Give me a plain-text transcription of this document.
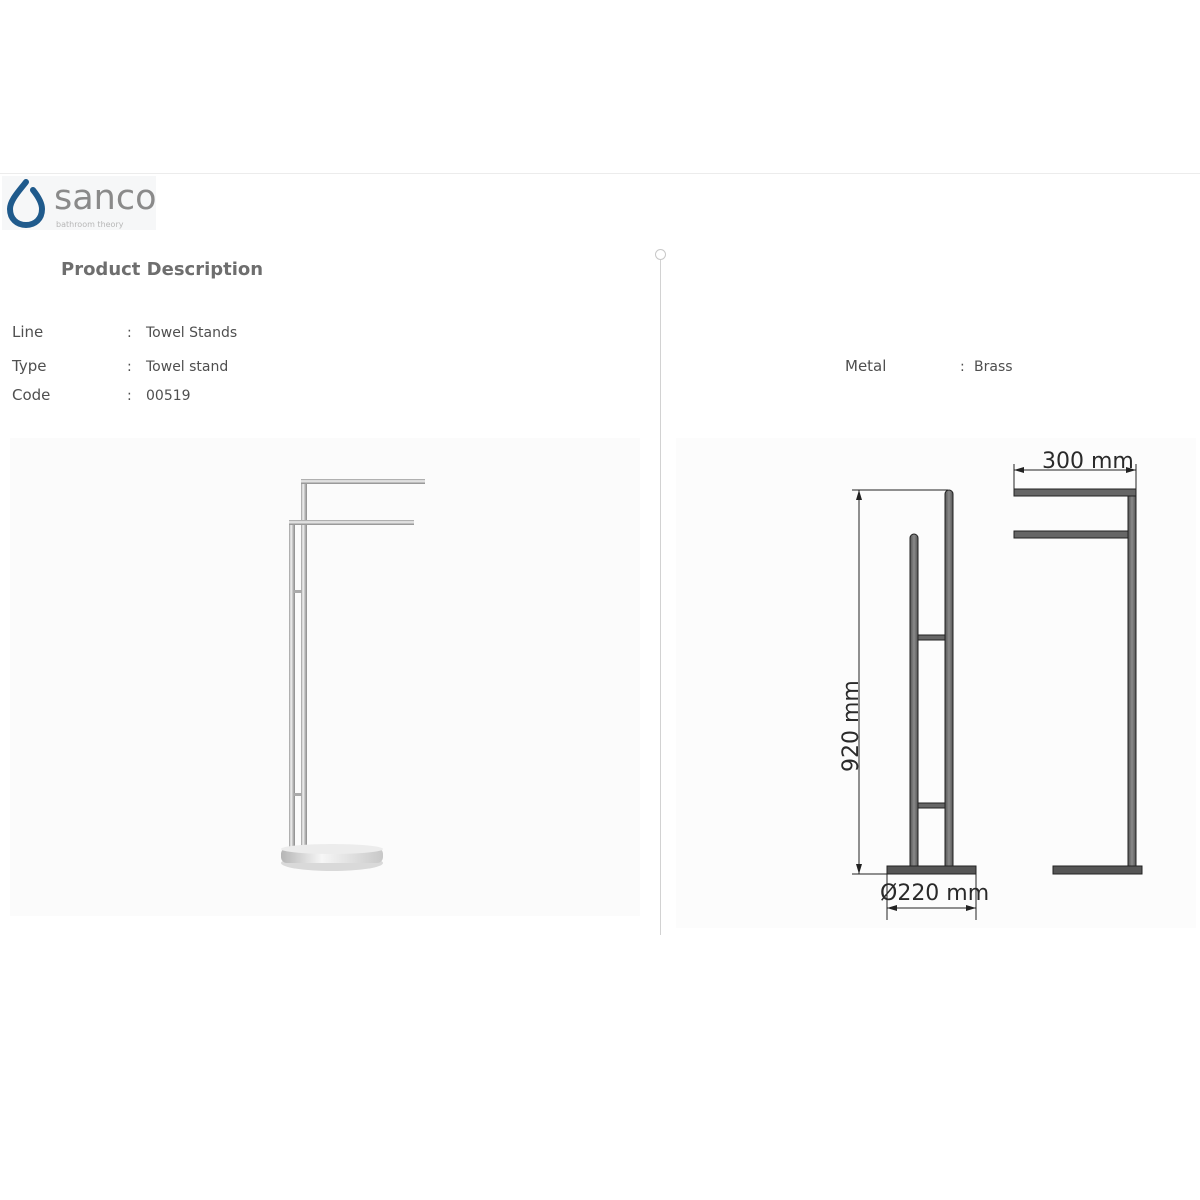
sanco
bathroom theory
Product Description
Line	: Towel Stands
Type	: Towel stand
Code	: 00519
Metal	: Brass
920 mm
Ø220 mm
300 mm
